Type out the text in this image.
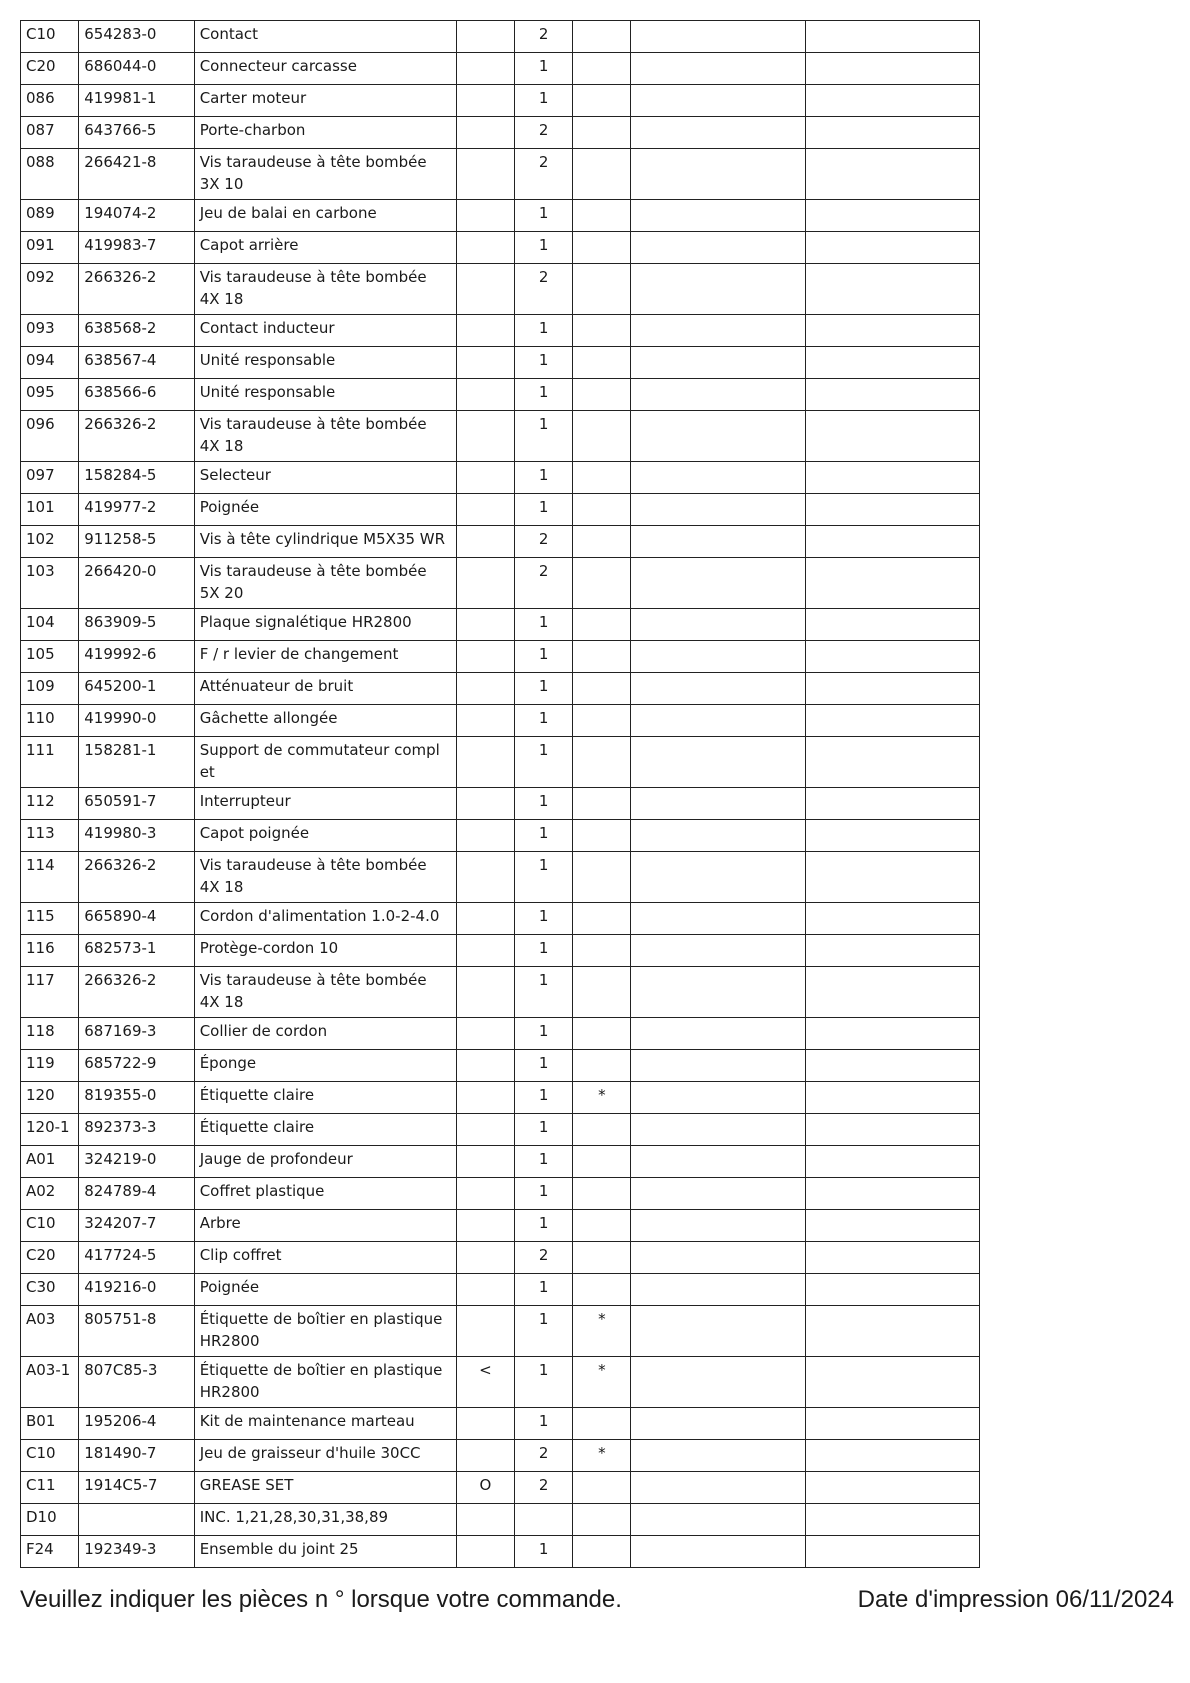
C10	654283-0	Contact		2			
C20	686044-0	Connecteur carcasse		1			
086	419981-1	Carter moteur		1			
087	643766-5	Porte-charbon		2			
088	266421-8	Vis taraudeuse à tête bombée 3X 10		2			
089	194074-2	Jeu de balai en carbone		1			
091	419983-7	Capot arrière		1			
092	266326-2	Vis taraudeuse à tête bombée 4X 18		2			
093	638568-2	Contact inducteur		1			
094	638567-4	Unité responsable		1			
095	638566-6	Unité responsable		1			
096	266326-2	Vis taraudeuse à tête bombée 4X 18		1			
097	158284-5	Selecteur		1			
101	419977-2	Poignée		1			
102	911258-5	Vis à tête cylindrique M5X35 WR		2			
103	266420-0	Vis taraudeuse à tête bombée 5X 20		2			
104	863909-5	Plaque signalétique HR2800		1			
105	419992-6	F / r levier de changement		1			
109	645200-1	Atténuateur de bruit		1			
110	419990-0	Gâchette allongée		1			
111	158281-1	Support de commutateur compl et		1			
112	650591-7	Interrupteur		1			
113	419980-3	Capot poignée		1			
114	266326-2	Vis taraudeuse à tête bombée 4X 18		1			
115	665890-4	Cordon d'alimentation 1.0-2-4.0		1			
116	682573-1	Protège-cordon 10		1			
117	266326-2	Vis taraudeuse à tête bombée 4X 18		1			
118	687169-3	Collier de cordon		1			
119	685722-9	Éponge		1			
120	819355-0	Étiquette claire		1	*		
120-1	892373-3	Étiquette claire		1			
A01	324219-0	Jauge de profondeur		1			
A02	824789-4	Coffret plastique		1			
C10	324207-7	Arbre		1			
C20	417724-5	Clip coffret		2			
C30	419216-0	Poignée		1			
A03	805751-8	Étiquette de boîtier en plastique HR2800		1	*		
A03-1	807C85-3	Étiquette de boîtier en plastique HR2800	<	1	*		
B01	195206-4	Kit de maintenance marteau		1			
C10	181490-7	Jeu de graisseur d'huile 30CC		2	*		
C11	1914C5-7	GREASE SET	O	2			
D10		INC. 1,21,28,30,31,38,89					
F24	192349-3	Ensemble du joint 25		1			
Veuillez indiquer les pièces n ° lorsque votre commande.	Date d'impression 06/11/2024
